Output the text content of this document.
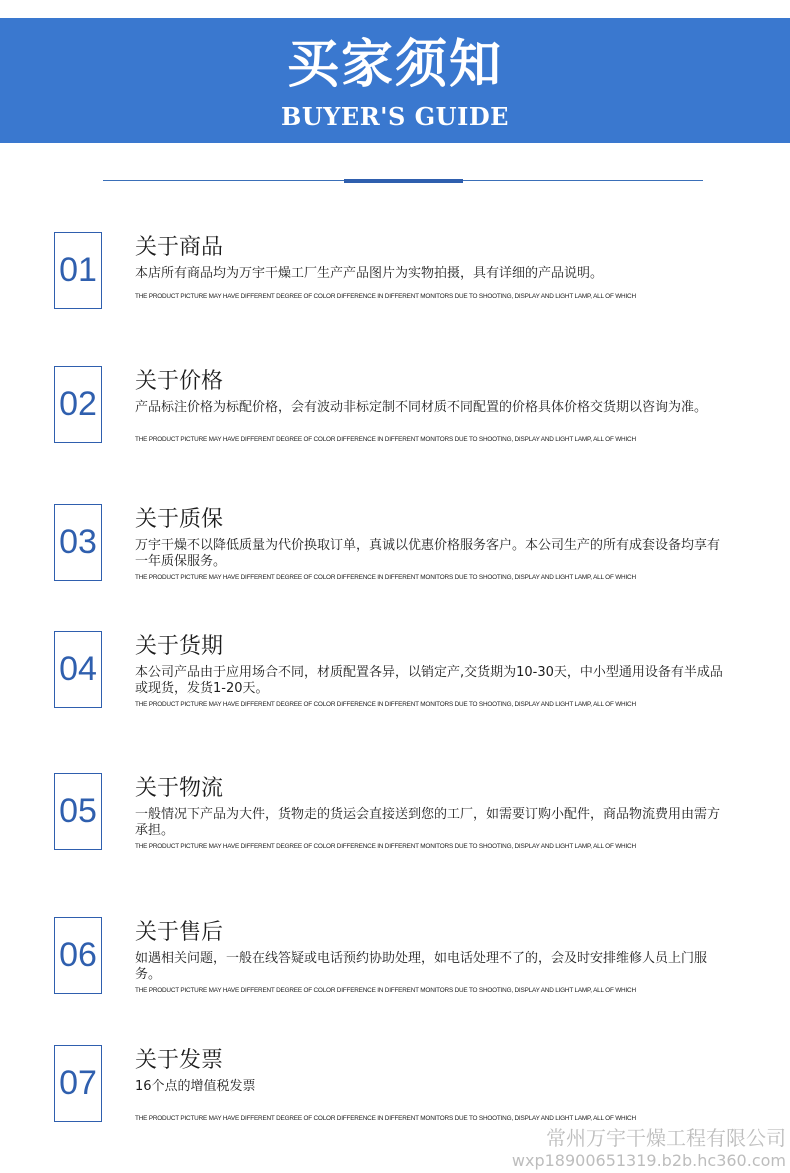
买家须知
BUYER'S GUIDE
01
关于商品
本店所有商品均为万宇干燥工厂生产产品图片为实物拍摄，具有详细的产品说明。
THE PRODUCT PICTURE MAY HAVE DIFFERENT DEGREE OF COLOR DIFFERENCE IN DIFFERENT MONITORS DUE TO SHOOTING, DISPLAY AND LIGHT LAMP, ALL OF WHICH
02
关于价格
产品标注价格为标配价格，会有波动非标定制不同材质不同配置的价格具体价格交货期以咨询为准。
THE PRODUCT PICTURE MAY HAVE DIFFERENT DEGREE OF COLOR DIFFERENCE IN DIFFERENT MONITORS DUE TO SHOOTING, DISPLAY AND LIGHT LAMP, ALL OF WHICH
03
关于质保
万宇干燥不以降低质量为代价换取订单，真诚以优惠价格服务客户。本公司生产的所有成套设备均享有一年质保服务。
THE PRODUCT PICTURE MAY HAVE DIFFERENT DEGREE OF COLOR DIFFERENCE IN DIFFERENT MONITORS DUE TO SHOOTING, DISPLAY AND LIGHT LAMP, ALL OF WHICH
04
关于货期
本公司产品由于应用场合不同，材质配置各异，以销定产,交货期为10-30天，中小型通用设备有半成品或现货，发货1-20天。
THE PRODUCT PICTURE MAY HAVE DIFFERENT DEGREE OF COLOR DIFFERENCE IN DIFFERENT MONITORS DUE TO SHOOTING, DISPLAY AND LIGHT LAMP, ALL OF WHICH
05
关于物流
一般情况下产品为大件，货物走的货运会直接送到您的工厂，如需要订购小配件，商品物流费用由需方承担。
THE PRODUCT PICTURE MAY HAVE DIFFERENT DEGREE OF COLOR DIFFERENCE IN DIFFERENT MONITORS DUE TO SHOOTING, DISPLAY AND LIGHT LAMP, ALL OF WHICH
06
关于售后
如遇相关问题，一般在线答疑或电话预约协助处理，如电话处理不了的，会及时安排维修人员上门服务。
THE PRODUCT PICTURE MAY HAVE DIFFERENT DEGREE OF COLOR DIFFERENCE IN DIFFERENT MONITORS DUE TO SHOOTING, DISPLAY AND LIGHT LAMP, ALL OF WHICH
07
关于发票
16个点的增值税发票
THE PRODUCT PICTURE MAY HAVE DIFFERENT DEGREE OF COLOR DIFFERENCE IN DIFFERENT MONITORS DUE TO SHOOTING, DISPLAY AND LIGHT LAMP, ALL OF WHICH
常州万宇干燥工程有限公司
wxp18900651319.b2b.hc360.com
